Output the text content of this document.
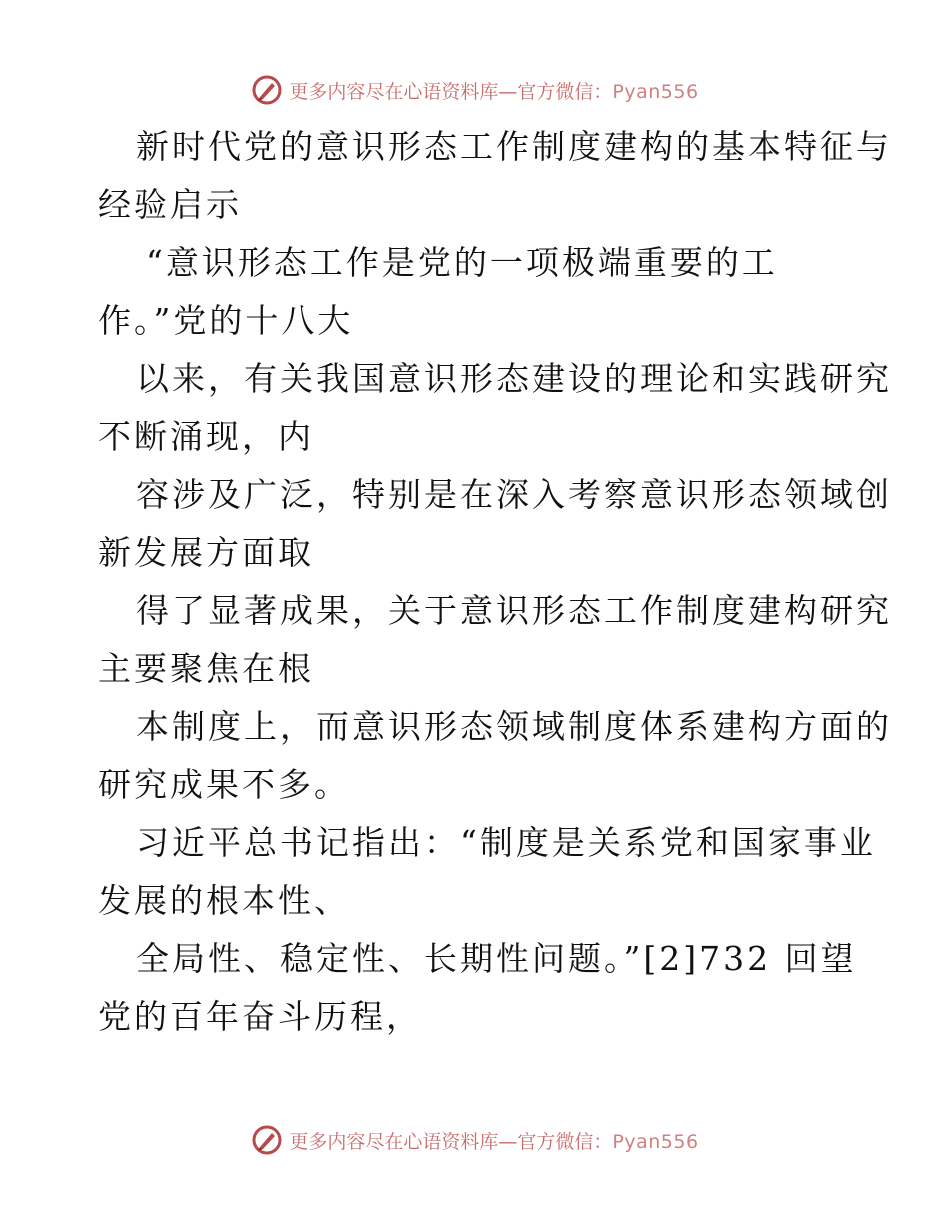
更多内容尽在心语资料库—官方微信：Pyan556
新时代党的意识形态工作制度建构的基本特征与
经验启示
“意识形态工作是党的一项极端重要的工
作。”党的十八大
以来，有关我国意识形态建设的理论和实践研究
不断涌现，内
容涉及广泛，特别是在深入考察意识形态领域创
新发展方面取
得了显著成果，关于意识形态工作制度建构研究
主要聚焦在根
本制度上，而意识形态领域制度体系建构方面的
研究成果不多。
习近平总书记指出：“制度是关系党和国家事业
发展的根本性、
全局性、稳定性、长期性问题。”[2]732 回望
党的百年奋斗历程，
更多内容尽在心语资料库—官方微信：Pyan556
